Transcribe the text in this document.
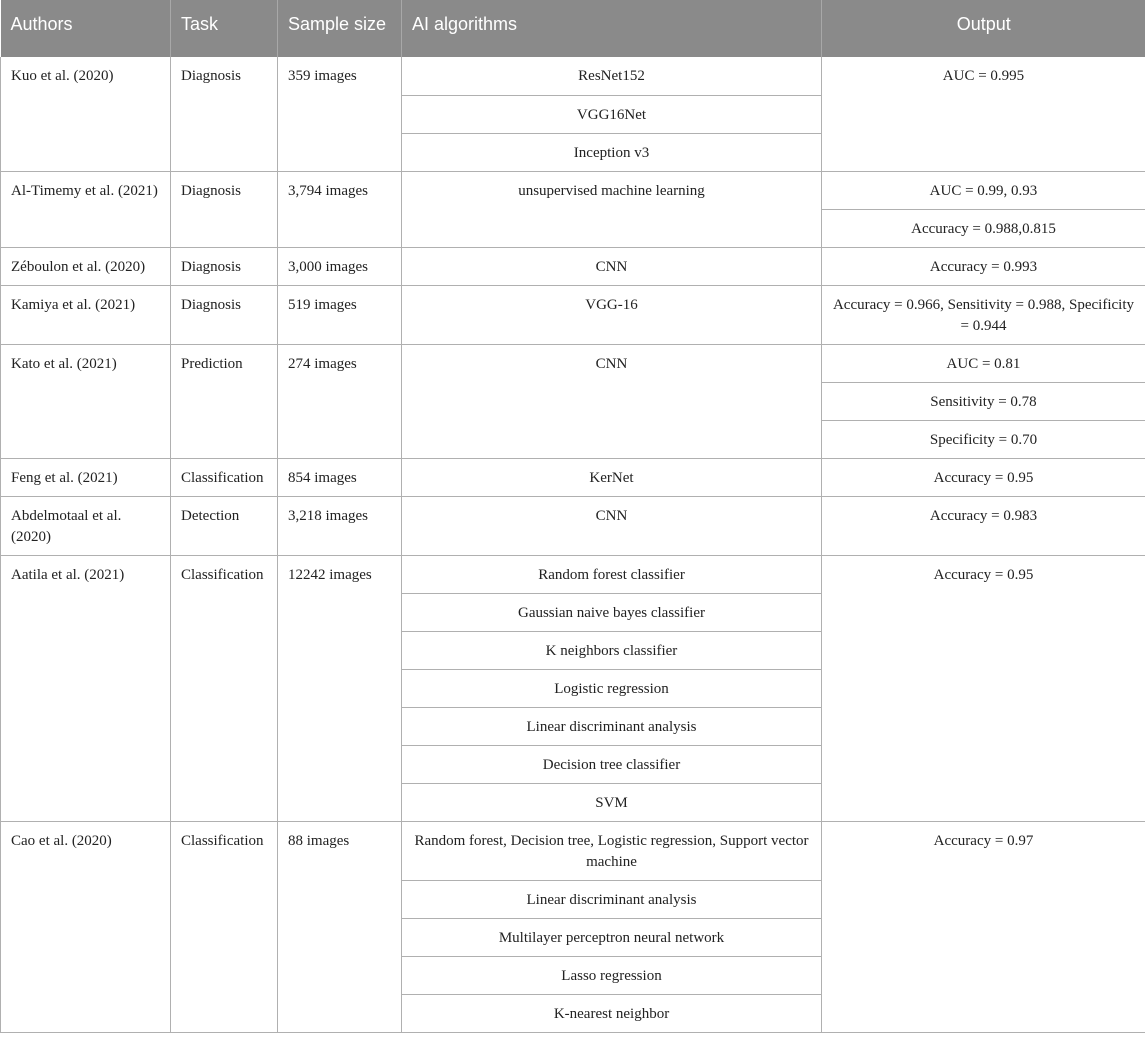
Authors	Task	Sample size	AI algorithms	Output
Kuo et al. (2020)	Diagnosis	359 images	ResNet152	AUC = 0.995
			VGG16Net	
			Inception v3	
Al-Timemy et al. (2021)	Diagnosis	3,794 images	unsupervised machine learning	AUC = 0.99, 0.93
				Accuracy = 0.988,0.815
Zéboulon et al. (2020)	Diagnosis	3,000 images	CNN	Accuracy = 0.993
Kamiya et al. (2021)	Diagnosis	519 images	VGG-16	Accuracy = 0.966, Sensitivity = 0.988, Specificity = 0.944
Kato et al. (2021)	Prediction	274 images	CNN	AUC = 0.81
				Sensitivity = 0.78
				Specificity = 0.70
Feng et al. (2021)	Classification	854 images	KerNet	Accuracy = 0.95
Abdelmotaal et al. (2020)	Detection	3,218 images	CNN	Accuracy = 0.983
Aatila et al. (2021)	Classification	12242 images	Random forest classifier	Accuracy = 0.95
			Gaussian naive bayes classifier	
			K neighbors classifier	
			Logistic regression	
			Linear discriminant analysis	
			Decision tree classifier	
			SVM	
Cao et al. (2020)	Classification	88 images	Random forest, Decision tree, Logistic regression, Support vector machine	Accuracy = 0.97
			Linear discriminant analysis	
			Multilayer perceptron neural network	
			Lasso regression	
			K-nearest neighbor	
